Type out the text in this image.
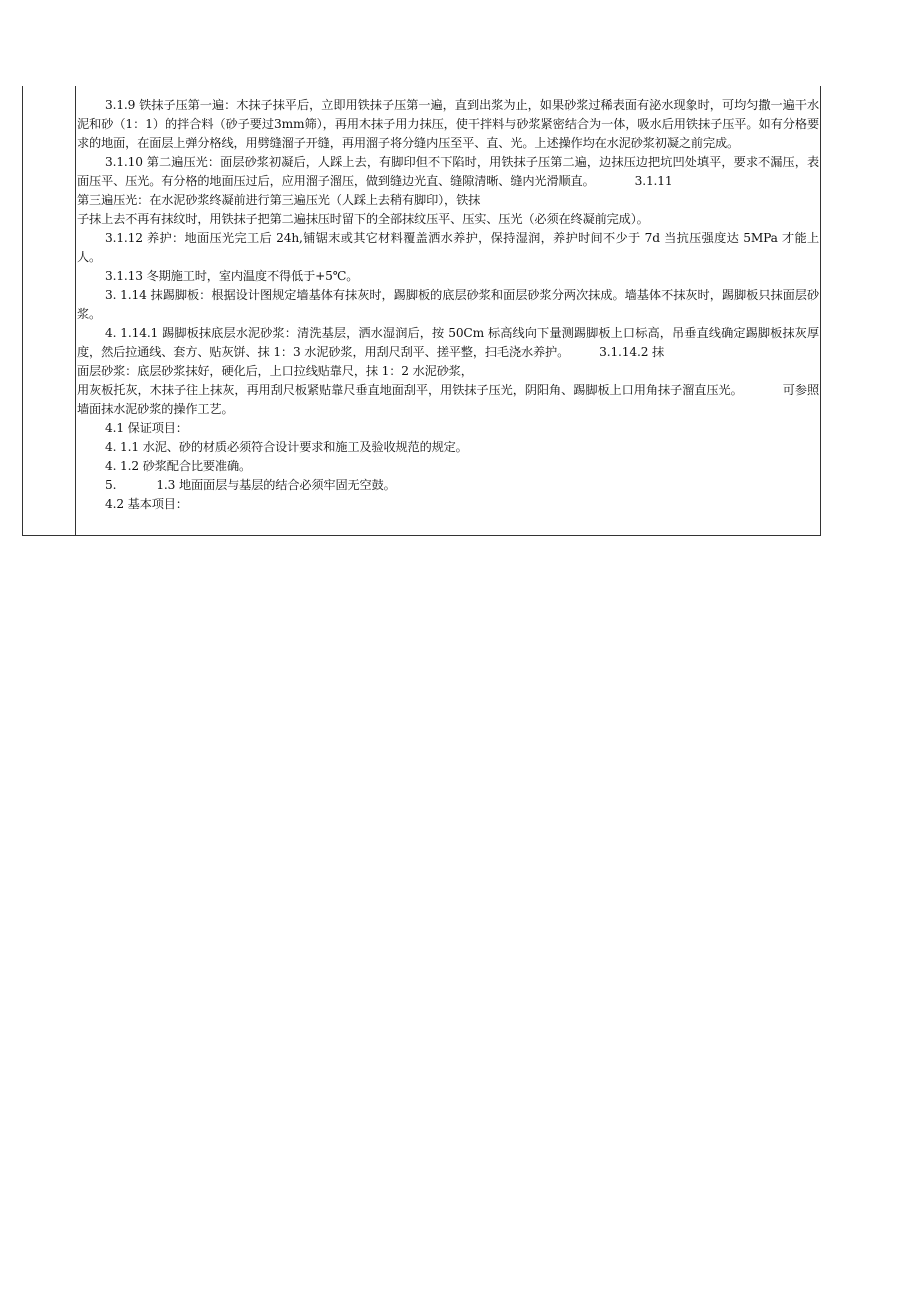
3.1.9 铁抹子压第一遍：木抹子抹平后，立即用铁抹子压第一遍，直到出浆为止，如果砂浆过稀表面有泌水现象时，可均匀撒一遍干水泥和砂（1：1）的拌合料（砂子要过3mm筛），再用木抹子用力抹压，使干拌料与砂浆紧密结合为一体，吸水后用铁抹子压平。如有分格要求的地面，在面层上弹分格线，用劈缝溜子开缝，再用溜子将分缝内压至平、直、光。上述操作均在水泥砂浆初凝之前完成。

3.1.10 第二遍压光：面层砂浆初凝后，人踩上去，有脚印但不下陷时，用铁抹子压第二遍，边抹压边把坑凹处填平，要求不漏压，表面压平、压光。有分格的地面压过后，应用溜子溜压，做到缝边光直、缝隙清晰、缝内光滑顺直。	3.1.11

第三遍压光：在水泥砂浆终凝前进行第三遍压光（人踩上去稍有脚印），铁抹

子抹上去不再有抹纹时，用铁抹子把第二遍抹压时留下的全部抹纹压平、压实、压光（必须在终凝前完成）。

3.1.12 养护：地面压光完工后 24h,铺锯末或其它材料覆盖洒水养护，保持湿润，养护时间不少于 7d 当抗压强度达 5MPa 才能上人。

3.1.13 冬期施工时，室内温度不得低于+5℃。

3. 1.14 抹踢脚板：根据设计图规定墙基体有抹灰时，踢脚板的底层砂浆和面层砂浆分两次抹成。墙基体不抹灰时，踢脚板只抹面层砂浆。

4. 1.14.1 踢脚板抹底层水泥砂浆：清洗基层，洒水湿润后，按 50Cm 标高线向下量测踢脚板上口标高，吊垂直线确定踢脚板抹灰厚度，然后拉通线、套方、贴灰饼、抹 1：3 水泥砂浆，用刮尺刮平、搓平整，扫毛浇水养护。 3.1.14.2 抹

面层砂浆：底层砂浆抹好，硬化后，上口拉线贴靠尺，抹 1：2 水泥砂浆，

用灰板托灰，木抹子往上抹灰，再用刮尺板紧贴靠尺垂直地面刮平，用铁抹子压光，阴阳角、踢脚板上口用角抹子溜直压光。	可参照墙面抹水泥砂浆的操作工艺。

4.1 保证项目：

4. 1.1 水泥、砂的材质必须符合设计要求和施工及验收规范的规定。

4. 1.2 砂浆配合比要准确。

5.	1.3 地面面层与基层的结合必须牢固无空鼓。

4.2 基本项目：
